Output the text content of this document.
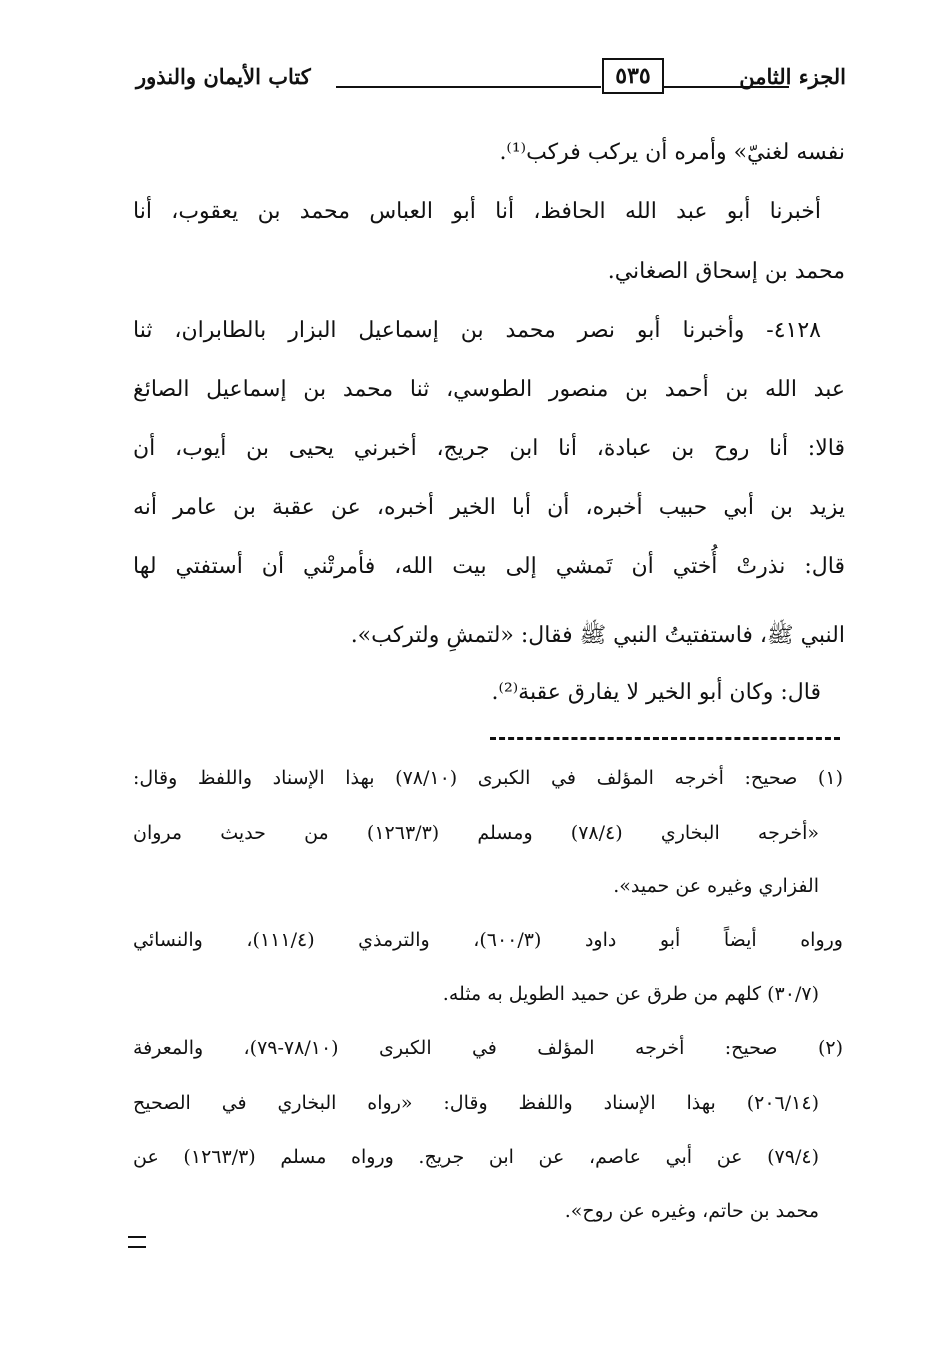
الجزء الثامن
٥٣٥
كتاب الأيمان والنذور
نفسه لغنيّ» وأمره أن يركب فركب⁽¹⁾.
أخبرنا أبو عبد الله الحافظ، أنا أبو العباس محمد بن يعقوب، أنا
محمد بن إسحاق الصغاني.
٤١٢٨- وأخبرنا أبو نصر محمد بن إسماعيل البزار بالطابران، ثنا
عبد الله بن أحمد بن منصور الطوسي، ثنا محمد بن إسماعيل الصائغ
قالا: أنا روح بن عبادة، أنا ابن جريج، أخبرني يحيى بن أيوب، أن
يزيد بن أبي حبيب أخبره، أن أبا الخير أخبره، عن عقبة بن عامر أنه
قال: نذرتْ أُختي أن تَمشي إلى بيت الله، فأمرتْني أن أستفتي لها
النبي ﷺ، فاستفتيتُ النبي ﷺ فقال: «لتمشِ ولتركب».
قال: وكان أبو الخير لا يفارق عقبة⁽²⁾.
(١) صحيح: أخرجه المؤلف في الكبرى (٧٨/١٠) بهذا الإسناد واللفظ وقال:
«أخرجه البخاري (٧٨/٤) ومسلم (١٢٦٣/٣) من حديث مروان
الفزاري وغيره عن حميد».
ورواه أيضاً أبو داود (٦٠٠/٣)، والترمذي (١١١/٤)، والنسائي
(٣٠/٧) كلهم من طرق عن حميد الطويل به مثله.
(٢) صحيح: أخرجه المؤلف في الكبرى (٧٨/١٠-٧٩)، والمعرفة
(٢٠٦/١٤) بهذا الإسناد واللفظ وقال: «رواه البخاري في الصحيح
(٧٩/٤) عن أبي عاصم، عن ابن جريج. ورواه مسلم (١٢٦٣/٣) عن
محمد بن حاتم، وغيره عن روح».
